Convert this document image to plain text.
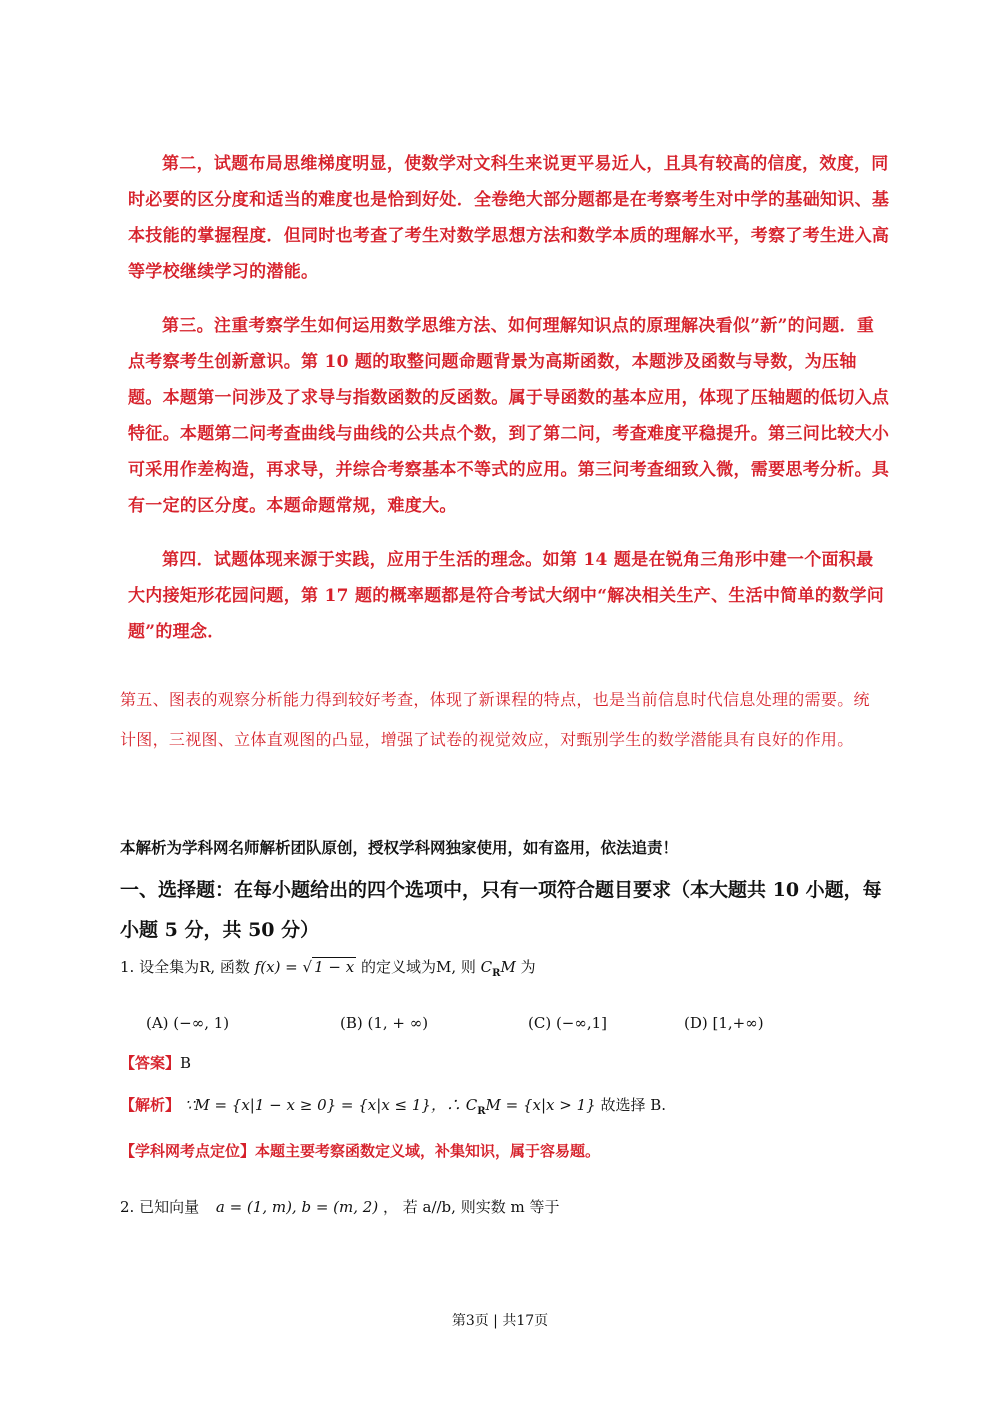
第二，试题布局思维梯度明显，使数学对文科生来说更平易近人，且具有较高的信度，效度，同时必要的区分度和适当的难度也是恰到好处．全卷绝大部分题都是在考察考生对中学的基础知识、基本技能的掌握程度．但同时也考查了考生对数学思想方法和数学本质的理解水平，考察了考生进入高等学校继续学习的潜能。

第三。注重考察学生如何运用数学思维方法、如何理解知识点的原理解决看似”新”的问题．重点考察考生创新意识。第 10 题的取整问题命题背景为高斯函数，本题涉及函数与导数，为压轴题。本题第一问涉及了求导与指数函数的反函数。属于导函数的基本应用，体现了压轴题的低切入点特征。本题第二问考查曲线与曲线的公共点个数，到了第二问，考查难度平稳提升。第三问比较大小可采用作差构造，再求导，并综合考察基本不等式的应用。第三问考查细致入微，需要思考分析。具有一定的区分度。本题命题常规，难度大。

第四．试题体现来源于实践，应用于生活的理念。如第 14 题是在锐角三角形中建一个面积最大内接矩形花园问题，第 17 题的概率题都是符合考试大纲中“解决相关生产、生活中简单的数学问题”的理念．

第五、图表的观察分析能力得到较好考查，体现了新课程的特点，也是当前信息时代信息处理的需要。统计图，三视图、立体直观图的凸显，增强了试卷的视觉效应，对甄别学生的数学潜能具有良好的作用。

本解析为学科网名师解析团队原创，授权学科网独家使用，如有盗用，依法追责！

一、选择题：在每小题给出的四个选项中，只有一项符合题目要求（本大题共 10 小题，每小题 5 分，共 50 分）

1. 设全集为R, 函数 f(x) = √ 1 − x 的定义域为M, 则 $C_RM$ 为
(A) (−∞, 1)	(B) (1, + ∞)	(C) (−∞,1]	(D) [1,+∞)
【答案】B
【解析】 ∵M = {x|1 − x ≥ 0} = {x|x ≤ 1}，∴ $C_RM = \{x|x > 1\}$ 故选择 B.
【学科网考点定位】本题主要考察函数定义域，补集知识，属于容易题。
2. 已知向量 a = (1, m), b = (m, 2) ， 若 a//b, 则实数 m 等于
第3页 | 共17页
